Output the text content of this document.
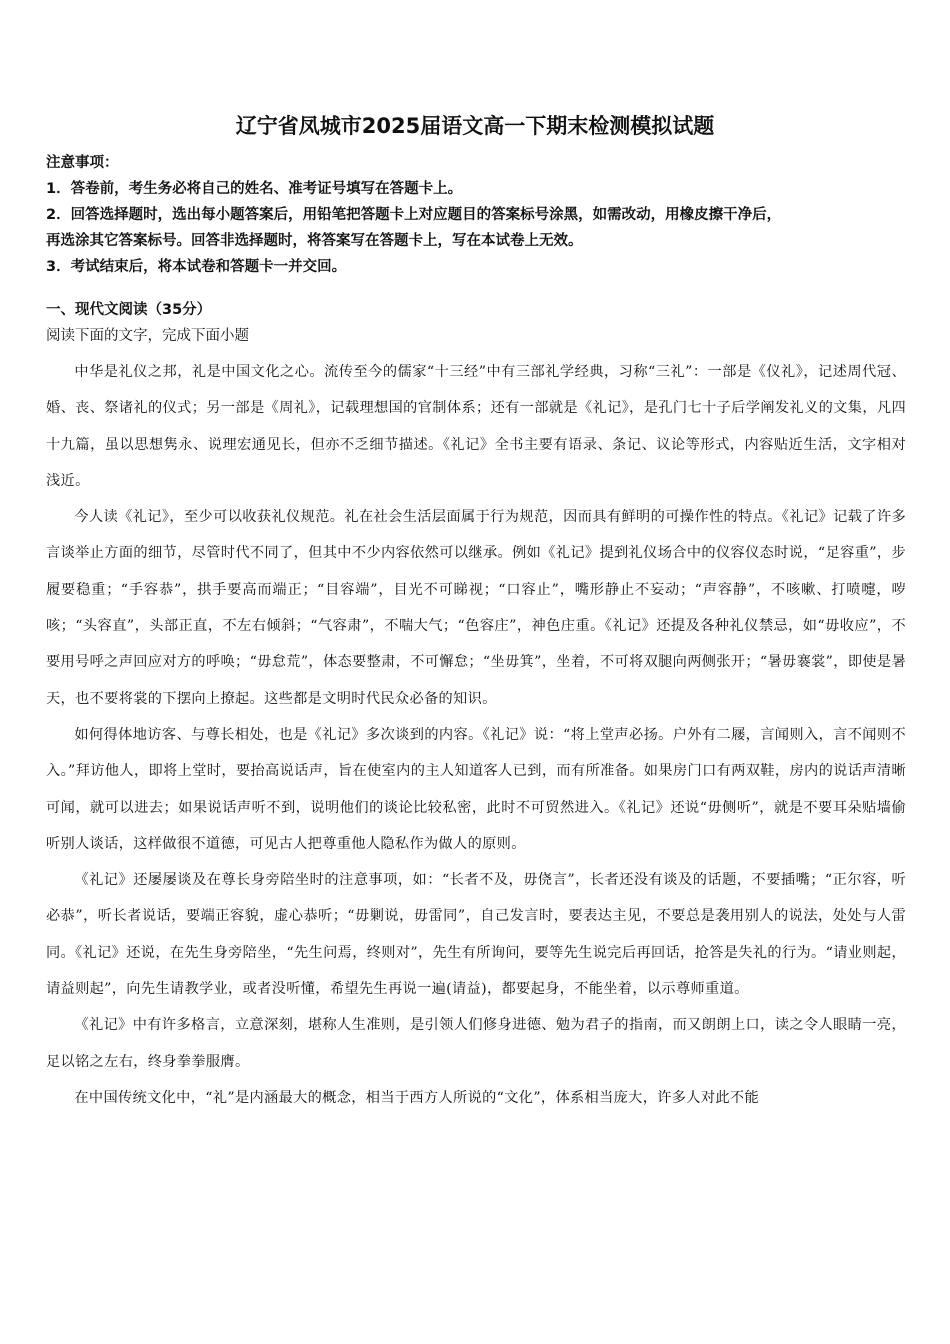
辽宁省凤城市2025届语文高一下期末检测模拟试题
注意事项：
1．答卷前，考生务必将自己的姓名、准考证号填写在答题卡上。
2．回答选择题时，选出每小题答案后，用铅笔把答题卡上对应题目的答案标号涂黑，如需改动，用橡皮擦干净后，
再选涂其它答案标号。回答非选择题时，将答案写在答题卡上，写在本试卷上无效。
3．考试结束后，将本试卷和答题卡一并交回。
一、现代文阅读（35分）
阅读下面的文字，完成下面小题

中华是礼仪之邦，礼是中国文化之心。流传至今的儒家“十三经”中有三部礼学经典，习称“三礼”：一部是《仪礼》，记述周代冠、婚、丧、祭诸礼的仪式；另一部是《周礼》，记载理想国的官制体系；还有一部就是《礼记》，是孔门七十子后学阐发礼义的文集，凡四十九篇，虽以思想隽永、说理宏通见长，但亦不乏细节描述。《礼记》全书主要有语录、条记、议论等形式，内容贴近生活，文字相对浅近。

今人读《礼记》，至少可以收获礼仪规范。礼在社会生活层面属于行为规范，因而具有鲜明的可操作性的特点。《礼记》记载了许多言谈举止方面的细节，尽管时代不同了，但其中不少内容依然可以继承。例如《礼记》提到礼仪场合中的仪容仪态时说，“足容重”，步履要稳重；“手容恭”，拱手要高而端正；“目容端”，目光不可睇视；“口容止”，嘴形静止不妄动；“声容静”，不咳嗽、打喷嚏，哕咳；“头容直”，头部正直，不左右倾斜；“气容肃”，不喘大气；“色容庄”，神色庄重。《礼记》还提及各种礼仪禁忌，如“毋收应”，不要用号呼之声回应对方的呼唤；“毋怠荒”，体态要整肃，不可懈怠；“坐毋箕”，坐着，不可将双腿向两侧张开；“暑毋褰裳”，即使是暑天，也不要将裳的下摆向上撩起。这些都是文明时代民众必备的知识。

如何得体地访客、与尊长相处，也是《礼记》多次谈到的内容。《礼记》说：“将上堂声必扬。户外有二屦，言闻则入，言不闻则不入。”拜访他人，即将上堂时，要抬高说话声，旨在使室内的主人知道客人已到，而有所准备。如果房门口有两双鞋，房内的说话声清晰可闻，就可以进去；如果说话声听不到，说明他们的谈论比较私密，此时不可贸然进入。《礼记》还说“毋侧听”，就是不要耳朵贴墙偷听别人谈话，这样做很不道德，可见古人把尊重他人隐私作为做人的原则。

《礼记》还屡屡谈及在尊长身旁陪坐时的注意事项，如：“长者不及，毋侥言”，长者还没有谈及的话题，不要插嘴；“正尔容，听必恭”，听长者说话，要端正容貌，虚心恭听；“毋剿说，毋雷同”，自己发言时，要表达主见，不要总是袭用别人的说法，处处与人雷同。《礼记》还说，在先生身旁陪坐，“先生问焉，终则对”，先生有所询问，要等先生说完后再回话，抢答是失礼的行为。“请业则起，请益则起”，向先生请教学业，或者没听懂，希望先生再说一遍(请益)，都要起身，不能坐着，以示尊师重道。

《礼记》中有许多格言，立意深刻，堪称人生准则，是引领人们修身进德、勉为君子的指南，而又朗朗上口，读之令人眼睛一亮，足以铭之左右，终身拳拳服膺。

在中国传统文化中，“礼”是内涵最大的概念，相当于西方人所说的“文化”，体系相当庞大，许多人对此不能
